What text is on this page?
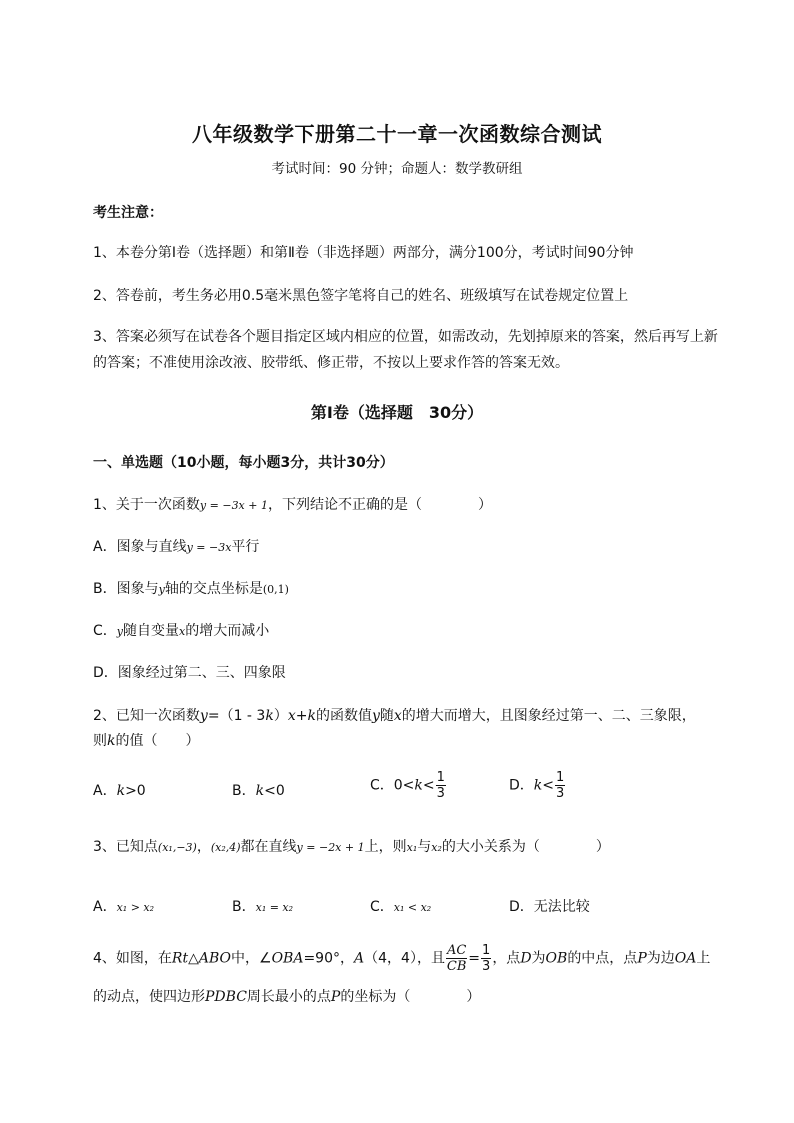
八年级数学下册第二十一章一次函数综合测试
考试时间：90 分钟；命题人：数学教研组
考生注意：
1、本卷分第Ⅰ卷（选择题）和第Ⅱ卷（非选择题）两部分，满分100分，考试时间90分钟
2、答卷前，考生务必用0.5毫米黑色签字笔将自己的姓名、班级填写在试卷规定位置上
3、答案必须写在试卷各个题目指定区域内相应的位置，如需改动，先划掉原来的答案，然后再写上新
的答案；不准使用涂改液、胶带纸、修正带，不按以上要求作答的答案无效。
第Ⅰ卷（选择题　30分）
一、单选题（10小题，每小题3分，共计30分）
1、关于一次函数y = −3x + 1，下列结论不正确的是（　　　　）
A．图象与直线y = −3x平行
B．图象与y轴的交点坐标是(0,1)
C．y随自变量x的增大而减小
D．图象经过第二、三、四象限
2、已知一次函数y=（1 - 3k）x+k的函数值y随x的增大而增大，且图象经过第一、二、三象限，
则k的值（　　）
A．k>0	B．k<0	C．$0<k< \frac{1}{3}$	D．$k< \frac{1}{3}$
3、已知点(x₁,−3)，(x₂,4)都在直线y = −2x + 1上，则x₁与x₂的大小关系为（　　　　）
A．x₁ > x₂	B．x₁ = x₂	C．x₁ < x₂	D．无法比较
4、如图，在Rt△ABO中，∠OBA=90°，A（4，4），且 $\frac{AC}{CB} = \frac{1}{3}$ ，点D为OB的中点，点P为边OA上
的动点，使四边形PDBC周长最小的点P的坐标为（　　　　）
